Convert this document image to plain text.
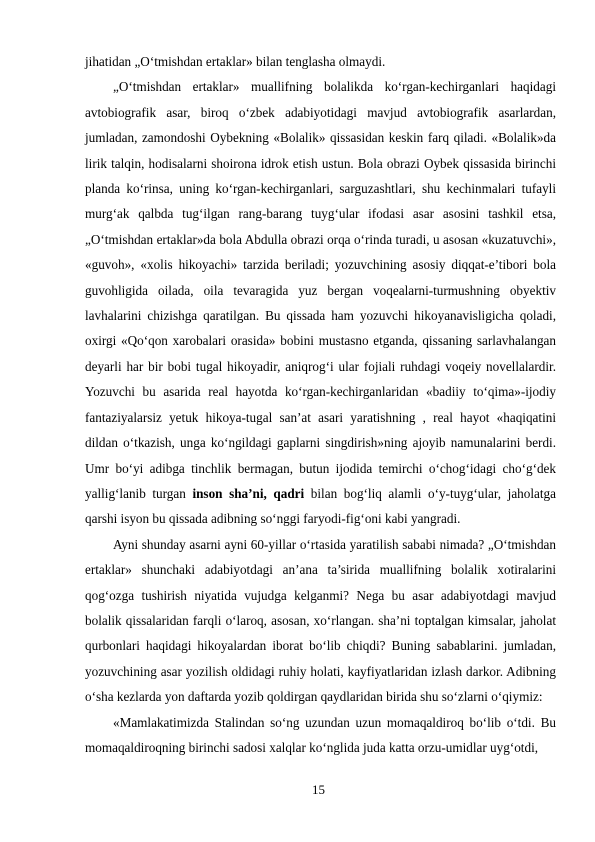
jihatidan „O‘tmishdan ertaklar» bilan tenglasha olmaydi.

„O‘tmishdan ertaklar» muallifning bolalikda ko‘rgan-kechirganlari haqidagi avtobiografik asar, biroq o‘zbek adabiyotidagi mavjud avtobiografik asarlardan, jumladan, zamondoshi Oybekning «Bolalik» qissasidan keskin farq qiladi. «Bolalik»da lirik talqin, hodisalarni shoirona idrok etish ustun. Bola obrazi Oybek qissasida birinchi planda ko‘rinsa, uning ko‘rgan-kechirganlari, sarguzashtlari, shu kechinmalari tufayli murg‘ak qalbda tug‘ilgan rang-barang tuyg‘ular ifodasi asar asosini tashkil etsa, „O‘tmishdan ertaklar»da bola Abdulla obrazi orqa o‘rinda turadi, u asosan «kuzatuvchi», «guvoh», «xolis hikoyachi» tarzida beriladi; yozuvchining asosiy diqqat-e’tibori bola guvohligida oilada, oila tevaragida yuz bergan voqealarni-turmushning obyektiv lavhalarini chizishga qaratilgan. Bu qissada ham yozuvchi hikoyanavisligicha qoladi, oxirgi «Qo‘qon xarobalari orasida» bobini mustasno etganda, qissaning sarlavhalangan deyarli har bir bobi tugal hikoyadir, aniqrog‘i ular fojiali ruhdagi voqeiy novellalardir. Yozuvchi bu asarida real hayotda ko‘rgan-kechirganlaridan «badiiy to‘qima»-ijodiy fantaziyalarsiz yetuk hikoya-tugal san’at asari yaratishning , real hayot «haqiqatini dildan o‘tkazish, unga ko‘ngildagi gaplarni singdirish»ning ajoyib namunalarini berdi. Umr bo‘yi adibga tinchlik bermagan, butun ijodida temirchi o‘chog‘idagi cho‘g‘dek yallig‘lanib turgan inson sha’ni, qadri bilan bog‘liq alamli o‘y-tuyg‘ular, jaholatga qarshi isyon bu qissada adibning so‘nggi faryodi-fig‘oni kabi yangradi.

Ayni shunday asarni ayni 60-yillar o‘rtasida yaratilish sababi nimada? „O‘tmishdan ertaklar» shunchaki adabiyotdagi an’ana ta’sirida muallifning bolalik xotiralarini qog‘ozga tushirish niyatida vujudga kelganmi? Nega bu asar adabiyotdagi mavjud bolalik qissalaridan farqli o‘laroq, asosan, xo‘rlangan. sha’ni toptalgan kimsalar, jaholat qurbonlari haqidagi hikoyalardan iborat bo‘lib chiqdi? Buning sabablarini. jumladan, yozuvchining asar yozilish oldidagi ruhiy holati, kayfiyatlaridan izlash darkor. Adibning o‘sha kezlarda yon daftarda yozib qoldirgan qaydlaridan birida shu so‘zlarni o‘qiymiz:

«Mamlakatimizda Stalindan so‘ng uzundan uzun momaqaldiroq bo‘lib o‘tdi. Bu momaqaldiroqning birinchi sadosi xalqlar ko‘nglida juda katta orzu-umidlar uyg‘otdi,

15
